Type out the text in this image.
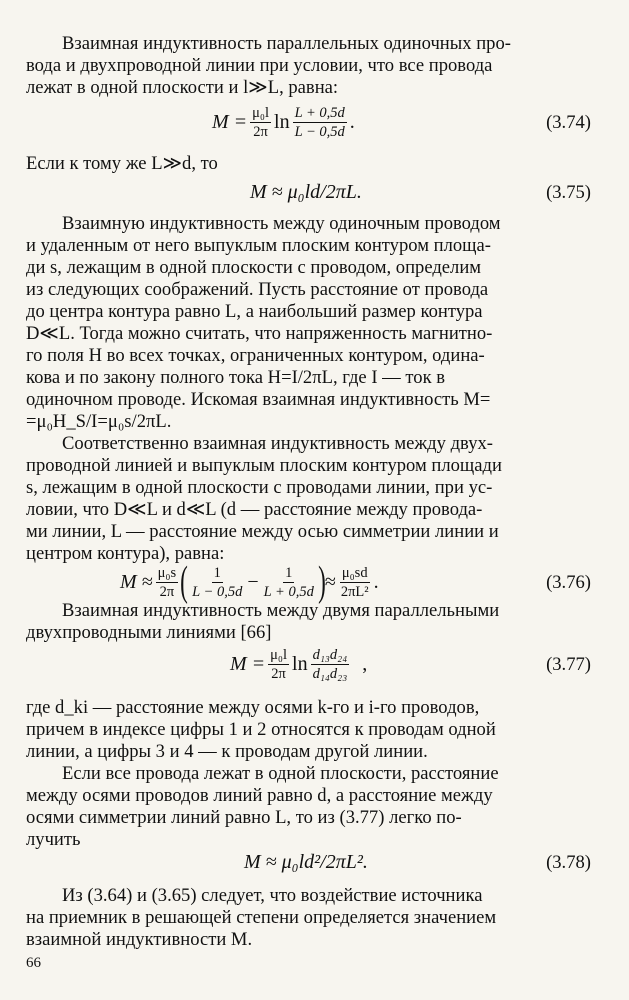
Взаимная индуктивность параллельных одиночных про-
вода и двухпроводной линии при условии, что все провода
лежат в одной плоскости и l≫L, равна:
$M = \frac{\text{μ₀l}}{2\pi}$ $\ln \frac{L + 0,5d}{L - 0,5d}$ .	(3.74)
Если к тому же L≫d, то
M ≈ μ₀ld/2πL.	(3.75)
Взаимную индуктивность между одиночным проводом
и удаленным от него выпуклым плоским контуром площа-
ди s, лежащим в одной плоскости с проводом, определим
из следующих соображений. Пусть расстояние от провода
до центра контура равно L, а наибольший размер контура
D≪L. Тогда можно считать, что напряженность магнитно-
го поля H во всех точках, ограниченных контуром, одина-
кова и по закону полного тока H=I/2πL, где I — ток в
одиночном проводе. Искомая взаимная индуктивность M=
=μ₀H_S/I=μ₀s/2πL.
Соответственно взаимная индуктивность между двух-
проводной линией и выпуклым плоским контуром площади
s, лежащим в одной плоскости с проводами линии, при ус-
ловии, что D≪L и d≪L (d — расстояние между провода-
ми линии, L — расстояние между осью симметрии линии и
центром контура), равна:
$M \approx \frac{\text{μ₀s}}{2\pi}$ ( $\frac{1}{L - 0,5d} - \frac{1}{L + 0,5d}$ ) ≈ $\frac{\text{μ₀sd}}{\text{2πL²}}$ .	(3.76)
Взаимная индуктивность между двумя параллельными
двухпроводными линиями [66]
$M = \frac{\text{μ₀l}}{2\pi}$ $\ln \frac{\text{d₁₃d₂₄}}{\text{d₁₄d₂₃}}$ ,	(3.77)
где d_ki — расстояние между осями k-го и i-го проводов,
причем в индексе цифры 1 и 2 относятся к проводам одной
линии, а цифры 3 и 4 — к проводам другой линии.
Если все провода лежат в одной плоскости, расстояние
между осями проводов линий равно d, а расстояние между
осями симметрии линий равно L, то из (3.77) легко по-
лучить
M ≈ μ₀ld²/2πL².	(3.78)
Из (3.64) и (3.65) следует, что воздействие источника
на приемник в решающей степени определяется значением
взаимной индуктивности M.
66
